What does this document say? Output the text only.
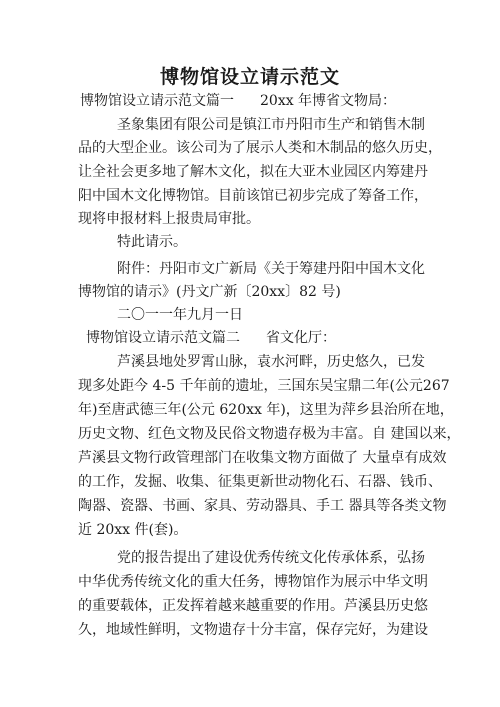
博物馆设立请示范文
博物馆设立请示范文篇一 20xx 年博省文物局：
圣象集团有限公司是镇江市丹阳市生产和销售木制
品的大型企业。该公司为了展示人类和木制品的悠久历史，
让全社会更多地了解木文化，拟在大亚木业园区内筹建丹
阳中国木文化博物馆。目前该馆已初步完成了筹备工作，
现将申报材料上报贵局审批。
特此请示。
附件：丹阳市文广新局《关于筹建丹阳中国木文化
博物馆的请示》(丹文广新〔20xx〕82 号)
二〇一一年九月一日
博物馆设立请示范文篇二 省文化厅：
芦溪县地处罗霄山脉，袁水河畔，历史悠久，已发
现多处距今 4-5 千年前的遗址，三国东吴宝鼎二年(公元267
年)至唐武德三年(公元 620xx 年)，这里为萍乡县治所在地，
历史文物、红色文物及民俗文物遗存极为丰富。自 建国以来，
芦溪县文物行政管理部门在收集文物方面做了 大量卓有成效
的工作，发掘、收集、征集更新世动物化石、石器、钱币、
陶器、瓷器、书画、家具、劳动器具、手工 器具等各类文物
近 20xx 件(套)。
党的报告提出了建设优秀传统文化传承体系，弘扬
中华优秀传统文化的重大任务，博物馆作为展示中华文明
的重要载体，正发挥着越来越重要的作用。芦溪县历史悠
久，地域性鲜明，文物遗存十分丰富，保存完好，为建设
